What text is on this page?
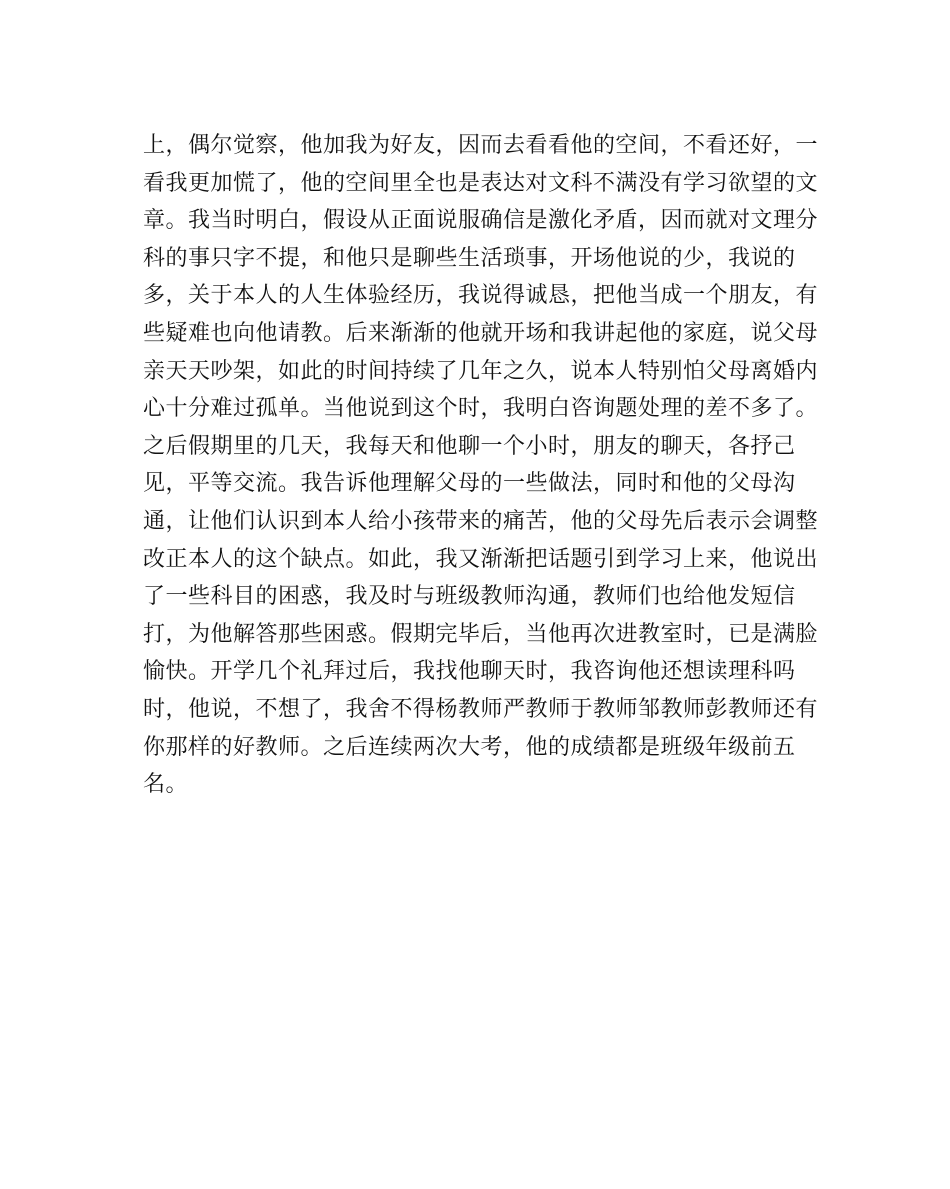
上，偶尔觉察，他加我为好友，因而去看看他的空间，不看还好，一
看我更加慌了，他的空间里全也是表达对文科不满没有学习欲望的文
章。我当时明白，假设从正面说服确信是激化矛盾，因而就对文理分
科的事只字不提，和他只是聊些生活琐事，开场他说的少，我说的
多，关于本人的人生体验经历，我说得诚恳，把他当成一个朋友，有
些疑难也向他请教。后来渐渐的他就开场和我讲起他的家庭，说父母
亲天天吵架，如此的时间持续了几年之久，说本人特别怕父母离婚内
心十分难过孤单。当他说到这个时，我明白咨询题处理的差不多了。
之后假期里的几天，我每天和他聊一个小时，朋友的聊天，各抒己
见，平等交流。我告诉他理解父母的一些做法，同时和他的父母沟
通，让他们认识到本人给小孩带来的痛苦，他的父母先后表示会调整
改正本人的这个缺点。如此，我又渐渐把话题引到学习上来，他说出
了一些科目的困惑，我及时与班级教师沟通，教师们也给他发短信
打，为他解答那些困惑。假期完毕后，当他再次进教室时，已是满脸
愉快。开学几个礼拜过后，我找他聊天时，我咨询他还想读理科吗
时，他说，不想了，我舍不得杨教师严教师于教师邹教师彭教师还有
你那样的好教师。之后连续两次大考，他的成绩都是班级年级前五
名。
